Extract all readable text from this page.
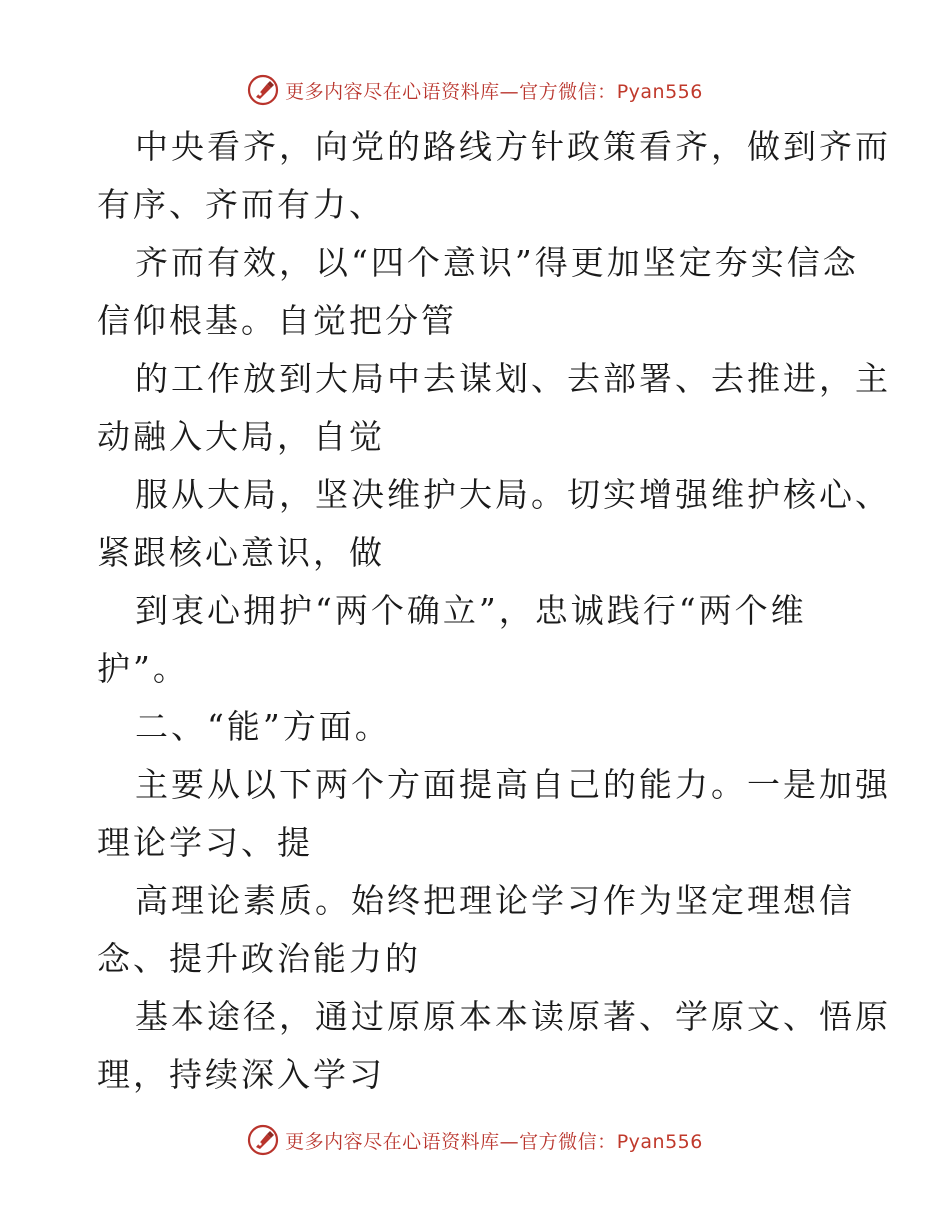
更多内容尽在心语资料库—官方微信：Pyan556
中央看齐，向党的路线方针政策看齐，做到齐而
有序、齐而有力、
齐而有效，以“四个意识”得更加坚定夯实信念
信仰根基。自觉把分管
的工作放到大局中去谋划、去部署、去推进，主
动融入大局，自觉
服从大局，坚决维护大局。切实增强维护核心、
紧跟核心意识，做
到衷心拥护“两个确立”，忠诚践行“两个维
护”。
二、“能”方面。
主要从以下两个方面提高自己的能力。一是加强
理论学习、提
高理论素质。始终把理论学习作为坚定理想信
念、提升政治能力的
基本途径，通过原原本本读原著、学原文、悟原
理，持续深入学习
更多内容尽在心语资料库—官方微信：Pyan556
